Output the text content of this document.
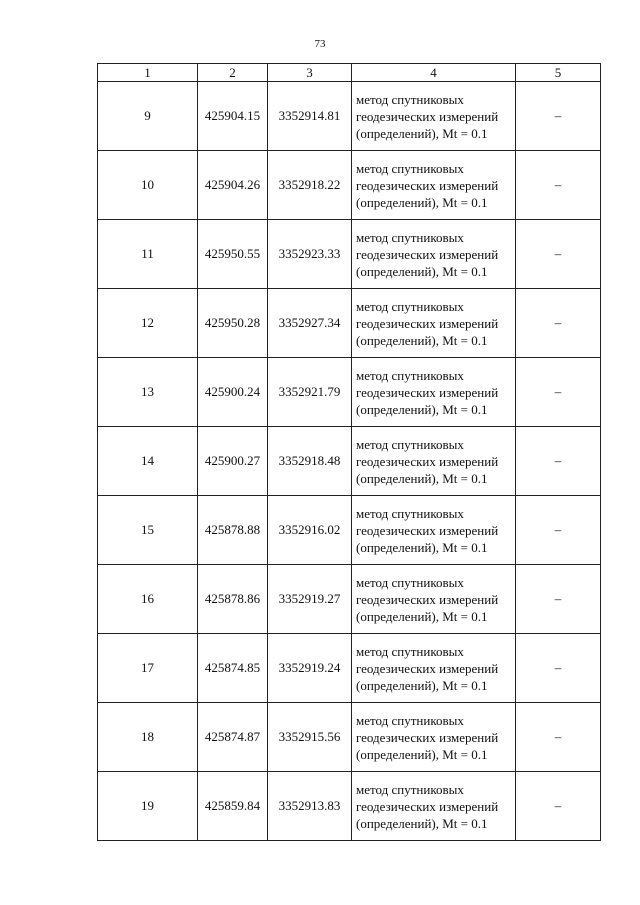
73
1	2	3	4	5
9	425904.15	3352914.81	метод спутниковых геодезических измерений (определений), Mt = 0.1	–
10	425904.26	3352918.22	метод спутниковых геодезических измерений (определений), Mt = 0.1	–
11	425950.55	3352923.33	метод спутниковых геодезических измерений (определений), Mt = 0.1	–
12	425950.28	3352927.34	метод спутниковых геодезических измерений (определений), Mt = 0.1	–
13	425900.24	3352921.79	метод спутниковых геодезических измерений (определений), Mt = 0.1	–
14	425900.27	3352918.48	метод спутниковых геодезических измерений (определений), Mt = 0.1	–
15	425878.88	3352916.02	метод спутниковых геодезических измерений (определений), Mt = 0.1	–
16	425878.86	3352919.27	метод спутниковых геодезических измерений (определений), Mt = 0.1	–
17	425874.85	3352919.24	метод спутниковых геодезических измерений (определений), Mt = 0.1	–
18	425874.87	3352915.56	метод спутниковых геодезических измерений (определений), Mt = 0.1	–
19	425859.84	3352913.83	метод спутниковых геодезических измерений (определений), Mt = 0.1	–
